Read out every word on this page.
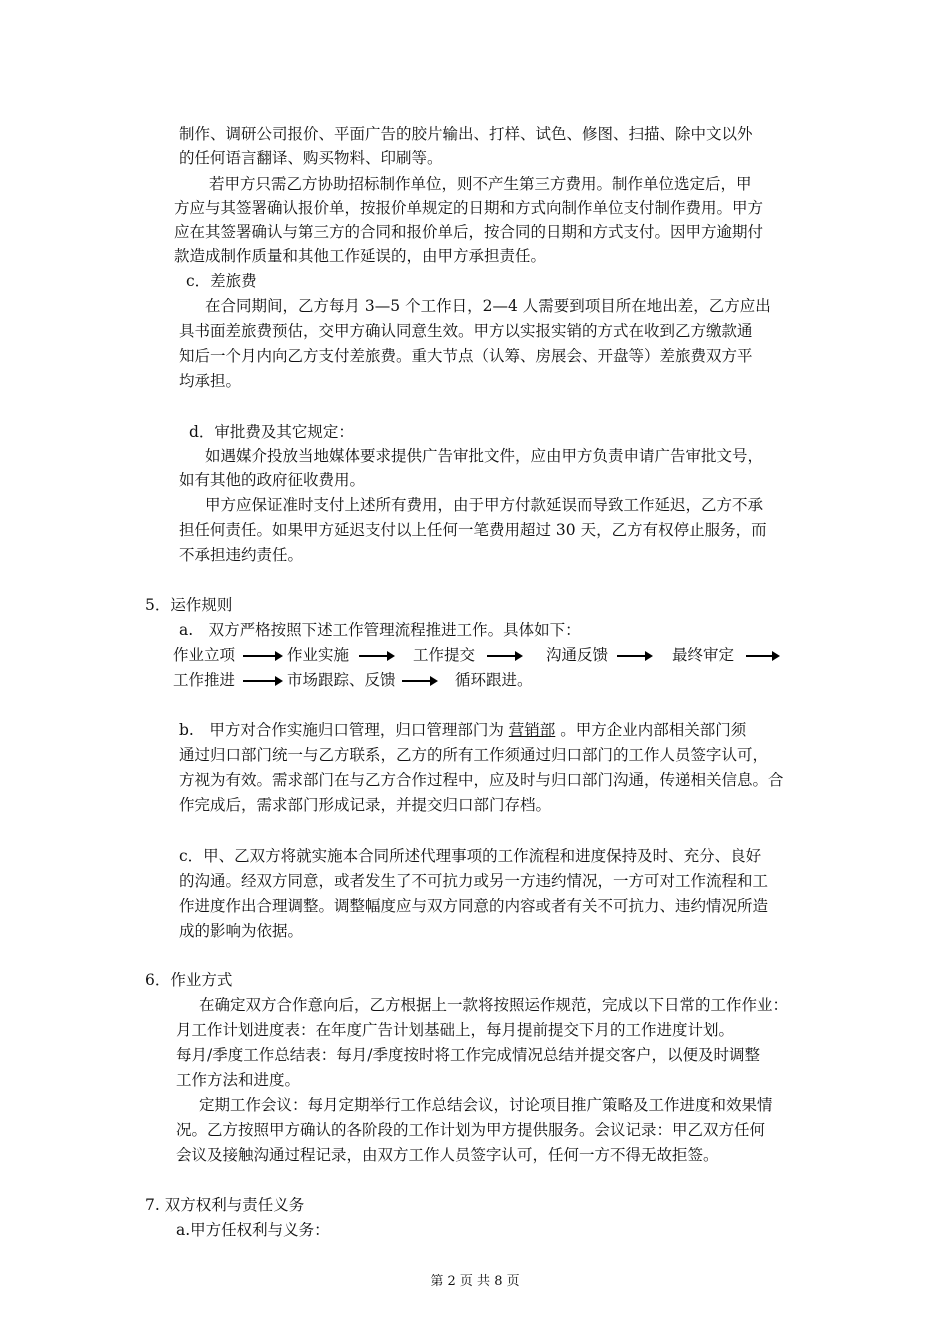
制作、调研公司报价、平面广告的胶片输出、打样、试色、修图、扫描、除中文以外
的任何语言翻译、购买物料、印刷等。
若甲方只需乙方协助招标制作单位，则不产生第三方费用。制作单位选定后，甲
方应与其签署确认报价单，按报价单规定的日期和方式向制作单位支付制作费用。甲方
应在其签署确认与第三方的合同和报价单后，按合同的日期和方式支付。因甲方逾期付
款造成制作质量和其他工作延误的，由甲方承担责任。
c．差旅费
在合同期间，乙方每月 3—5 个工作日，2—4 人需要到项目所在地出差，乙方应出
具书面差旅费预估，交甲方确认同意生效。甲方以实报实销的方式在收到乙方缴款通
知后一个月内向乙方支付差旅费。重大节点（认筹、房展会、开盘等）差旅费双方平
均承担。
d．审批费及其它规定：
如遇媒介投放当地媒体要求提供广告审批文件，应由甲方负责申请广告审批文号，
如有其他的政府征收费用。
甲方应保证准时支付上述所有费用，由于甲方付款延误而导致工作延迟，乙方不承
担任何责任。如果甲方延迟支付以上任何一笔费用超过 30 天，乙方有权停止服务，而
不承担违约责任。
5．运作规则
a.　双方严格按照下述工作管理流程推进工作。具体如下：
作业立项	作业实施	工作提交	沟通反馈	最终审定
工作推进	市场跟踪、反馈	循环跟进。
b.　甲方对合作实施归口管理，归口管理部门为 营销部 。甲方企业内部相关部门须
通过归口部门统一与乙方联系，乙方的所有工作须通过归口部门的工作人员签字认可，
方视为有效。需求部门在与乙方合作过程中，应及时与归口部门沟通，传递相关信息。合
作完成后，需求部门形成记录，并提交归口部门存档。
c．甲、乙双方将就实施本合同所述代理事项的工作流程和进度保持及时、充分、良好
的沟通。经双方同意，或者发生了不可抗力或另一方违约情况，一方可对工作流程和工
作进度作出合理调整。调整幅度应与双方同意的内容或者有关不可抗力、违约情况所造
成的影响为依据。
6．作业方式
在确定双方合作意向后，乙方根据上一款将按照运作规范，完成以下日常的工作作业：
月工作计划进度表：在年度广告计划基础上，每月提前提交下月的工作进度计划。
每月/季度工作总结表：每月/季度按时将工作完成情况总结并提交客户，以便及时调整
工作方法和进度。
定期工作会议：每月定期举行工作总结会议，讨论项目推广策略及工作进度和效果情
况。乙方按照甲方确认的各阶段的工作计划为甲方提供服务。会议记录：甲乙双方任何
会议及接触沟通过程记录，由双方工作人员签字认可，任何一方不得无故拒签。
7. 双方权利与责任义务
a.甲方任权利与义务：
第 2 页 共 8 页
